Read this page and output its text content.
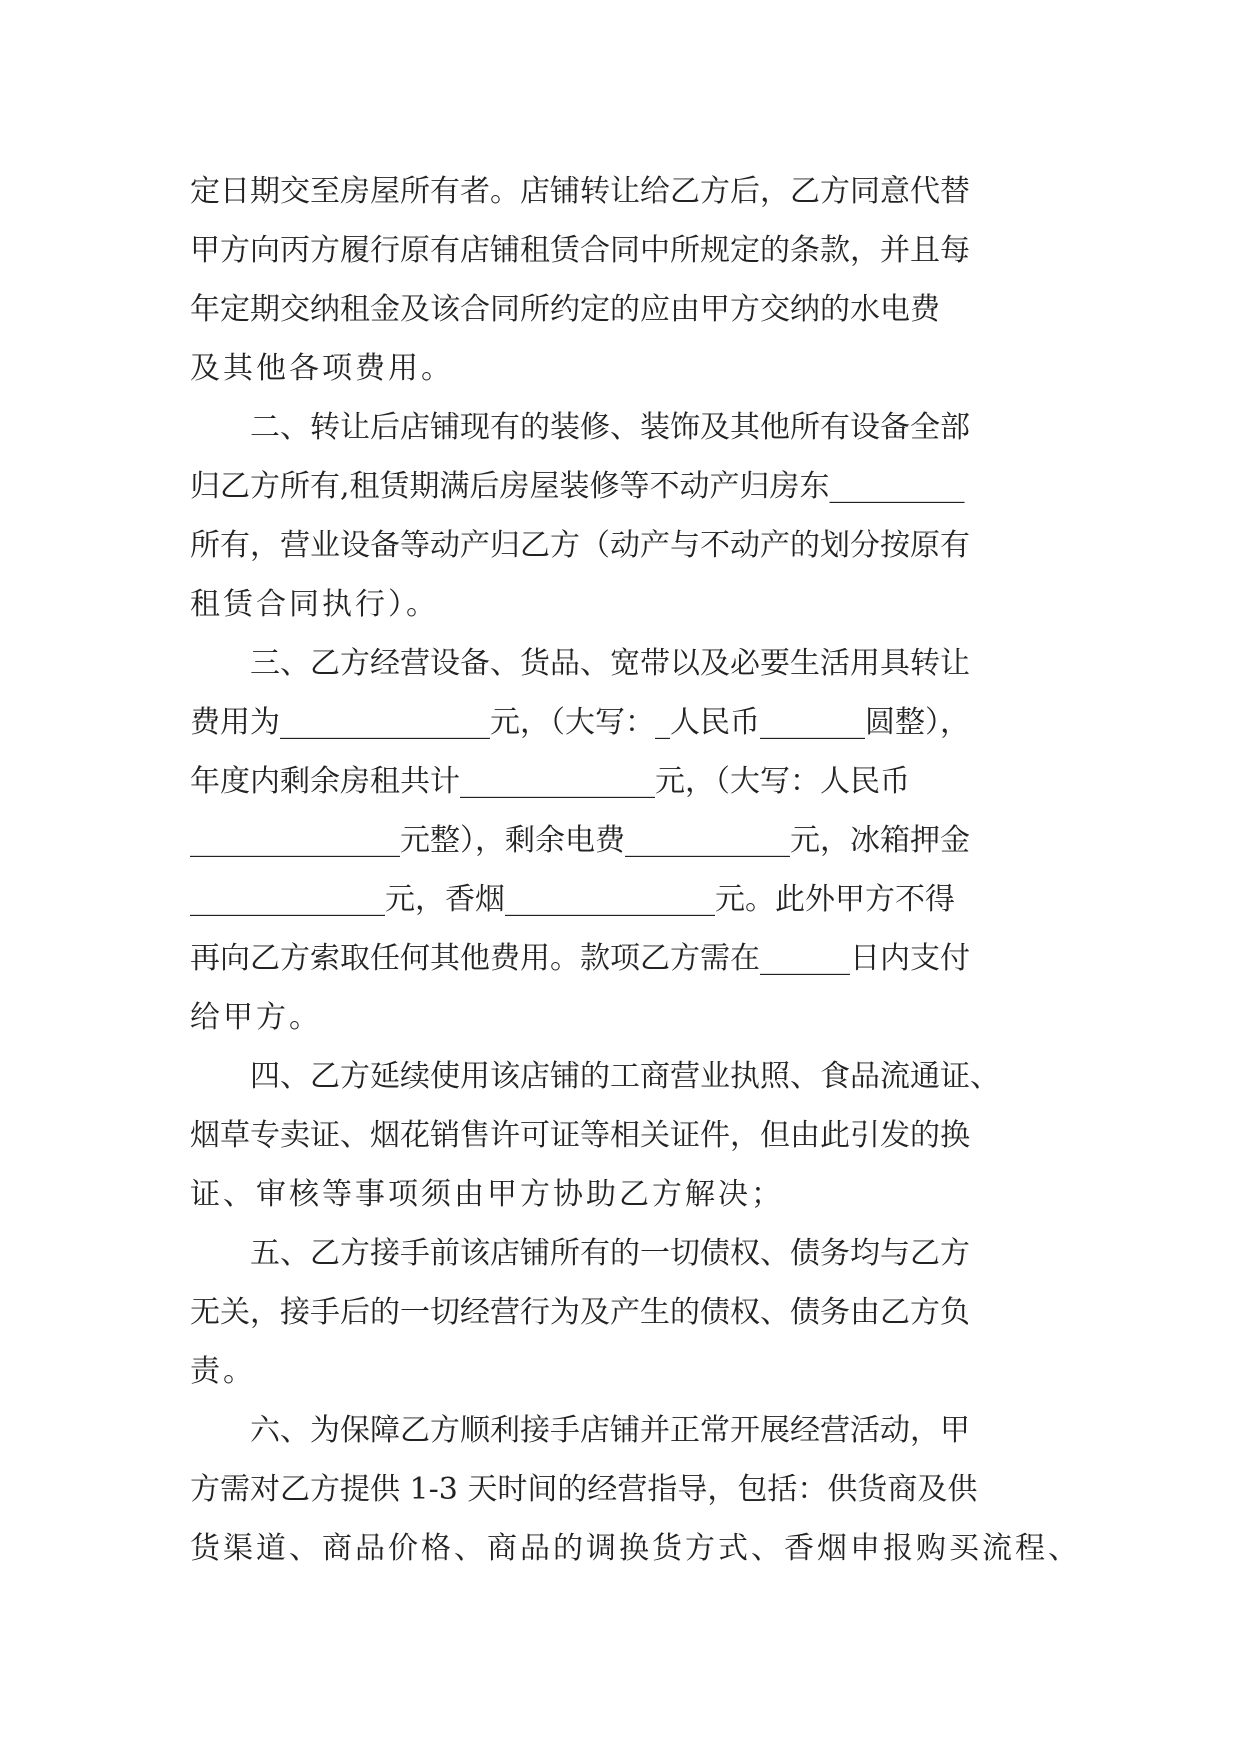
定日期交至房屋所有者。店铺转让给乙方后，乙方同意代替
甲方向丙方履行原有店铺租赁合同中所规定的条款，并且每
年定期交纳租金及该合同所约定的应由甲方交纳的水电费
及其他各项费用。
　　二、转让后店铺现有的装修、装饰及其他所有设备全部
归乙方所有,租赁期满后房屋装修等不动产归房东_________
所有，营业设备等动产归乙方（动产与不动产的划分按原有
租赁合同执行）。
　　三、乙方经营设备、货品、宽带以及必要生活用具转让
费用为______________元，（大写：_人民币_______圆整），
年度内剩余房租共计_____________元，（大写：人民币
______________元整），剩余电费___________元，冰箱押金
_____________元，香烟______________元。此外甲方不得
再向乙方索取任何其他费用。款项乙方需在______日内支付
给甲方。
　　四、乙方延续使用该店铺的工商营业执照、食品流通证、
烟草专卖证、烟花销售许可证等相关证件，但由此引发的换
证、审核等事项须由甲方协助乙方解决；
　　五、乙方接手前该店铺所有的一切债权、债务均与乙方
无关，接手后的一切经营行为及产生的债权、债务由乙方负
责。
　　六、为保障乙方顺利接手店铺并正常开展经营活动，甲
方需对乙方提供 1-3 天时间的经营指导，包括：供货商及供
货渠道、商品价格、商品的调换货方式、香烟申报购买流程、
